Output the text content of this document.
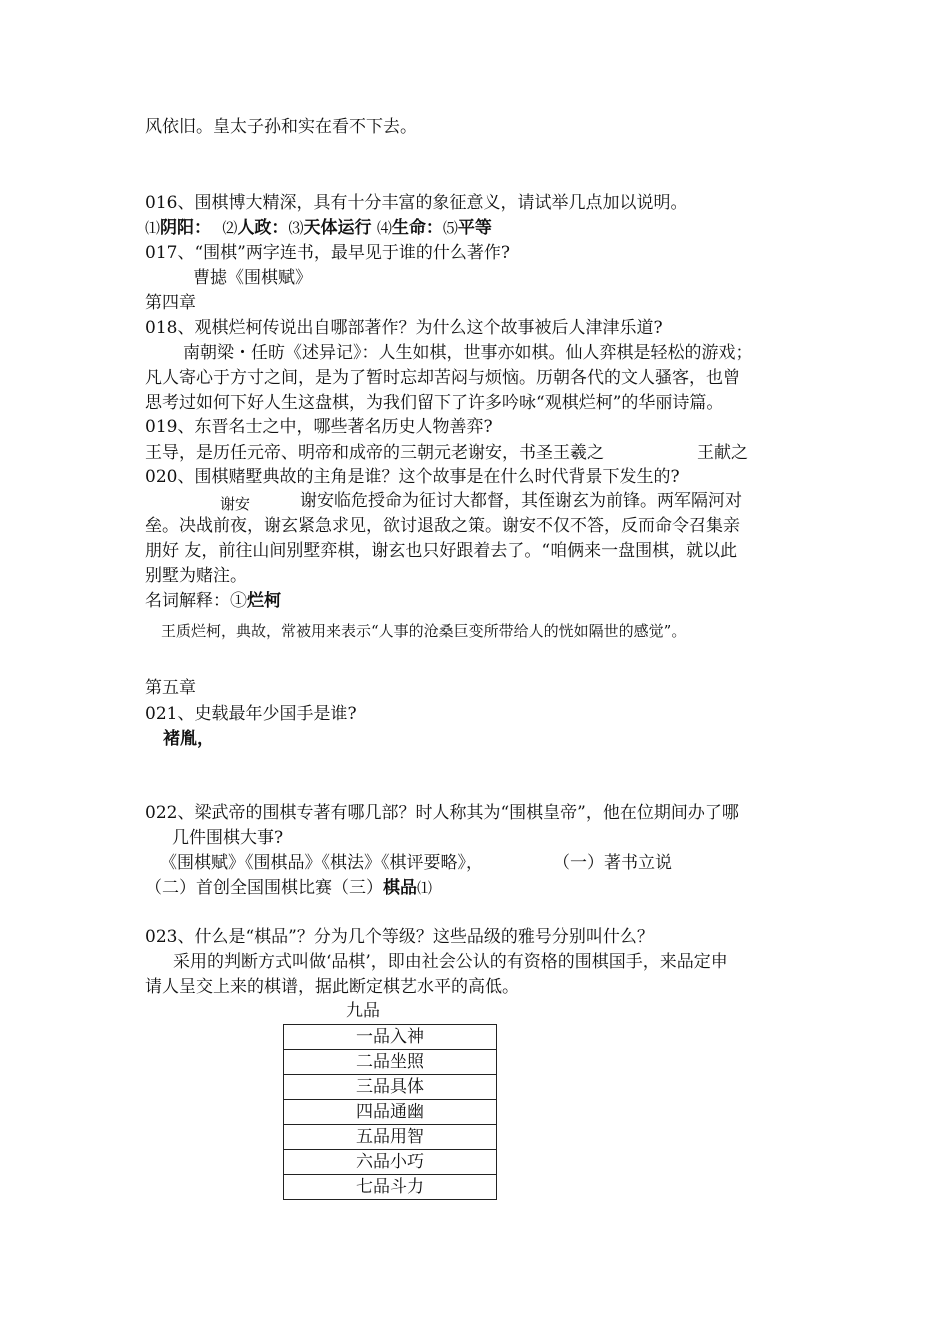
风依旧。皇太子孙和实在看不下去。
016、围棋博大精深，具有十分丰富的象征意义，请试举几点加以说明。
⑴阴阳： ⑵人政：⑶天体运行 ⑷生命：⑸平等
017、“围棋”两字连书，最早见于谁的什么著作?
曹摅《围棋赋》
第四章
018、观棋烂柯传说出自哪部著作？为什么这个故事被后人津津乐道?
南朝梁・任昉《述异记》：人生如棋，世事亦如棋。仙人弈棋是轻松的游戏；
凡人寄心于方寸之间，是为了暂时忘却苦闷与烦恼。历朝各代的文人骚客，也曾
思考过如何下好人生这盘棋，为我们留下了许多吟咏“观棋烂柯”的华丽诗篇。
019、东晋名士之中，哪些著名历史人物善弈?
王导，是历任元帝、明帝和成帝的三朝元老谢安，书圣王羲之	王献之
020、围棋赌墅典故的主角是谁？这个故事是在什么时代背景下发生的?
谢安	谢安临危授命为征讨大都督，其侄谢玄为前锋。两军隔河对
垒。决战前夜，谢玄紧急求见，欲讨退敌之策。谢安不仅不答，反而命令召集亲
朋好 友，前往山间别墅弈棋，谢玄也只好跟着去了。“咱俩来一盘围棋，就以此
别墅为赌注。
名词解释：①烂柯
王质烂柯，典故，常被用来表示“人事的沧桑巨变所带给人的恍如隔世的感觉”。
第五章
021、史载最年少国手是谁?
褚胤，
022、梁武帝的围棋专著有哪几部？时人称其为“围棋皇帝”，他在位期间办了哪
几件围棋大事?
《围棋赋》《围棋品》《棋法》《棋评要略》，	（一）著书立说
（二）首创全国围棋比赛（三）棋品⑴
023、什么是“棋品”？分为几个等级？这些品级的雅号分别叫什么？
采用的判断方式叫做‘品棋’，即由社会公认的有资格的围棋国手，来品定申
请人呈交上来的棋谱，据此断定棋艺水平的高低。
九品
一品入神
二品坐照
三品具体
四品通幽
五品用智
六品小巧
七品斗力
